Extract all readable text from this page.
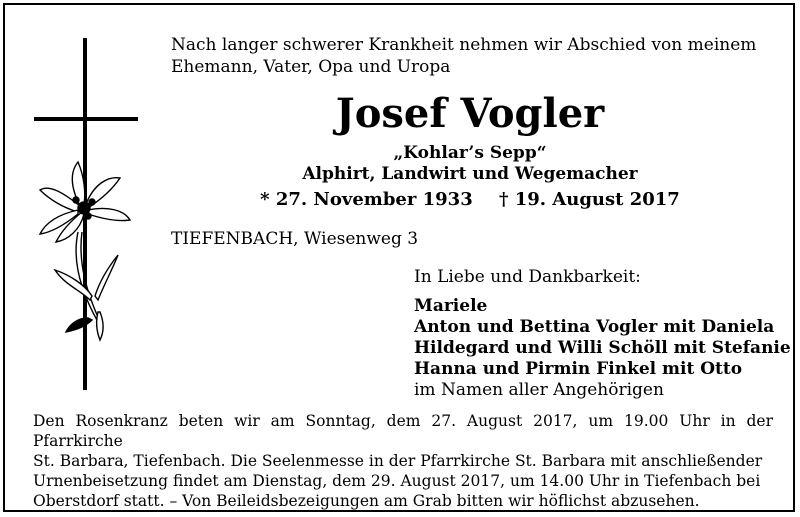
Nach langer schwerer Krankheit nehmen wir Abschied von meinem
Ehemann, Vater, Opa und Uropa
Josef Vogler
„Kohlar’s Sepp“
Alphirt, Landwirt und Wegemacher
* 27. November 1933 † 19. August 2017
TIEFENBACH, Wiesenweg 3
In Liebe und Dankbarkeit:
Mariele
Anton und Bettina Vogler mit Daniela
Hildegard und Willi Schöll mit Stefanie
Hanna und Pirmin Finkel mit Otto
im Namen aller Angehörigen
Den Rosenkranz beten wir am Sonntag, dem 27. August 2017, um 19.00 Uhr in der Pfarrkirche
St. Barbara, Tiefenbach. Die Seelenmesse in der Pfarrkirche St. Barbara mit anschließender
Urnenbeisetzung findet am Dienstag, dem 29. August 2017, um 14.00 Uhr in Tiefenbach bei
Oberstdorf statt. – Von Beileidsbezeigungen am Grab bitten wir höflichst abzusehen.
